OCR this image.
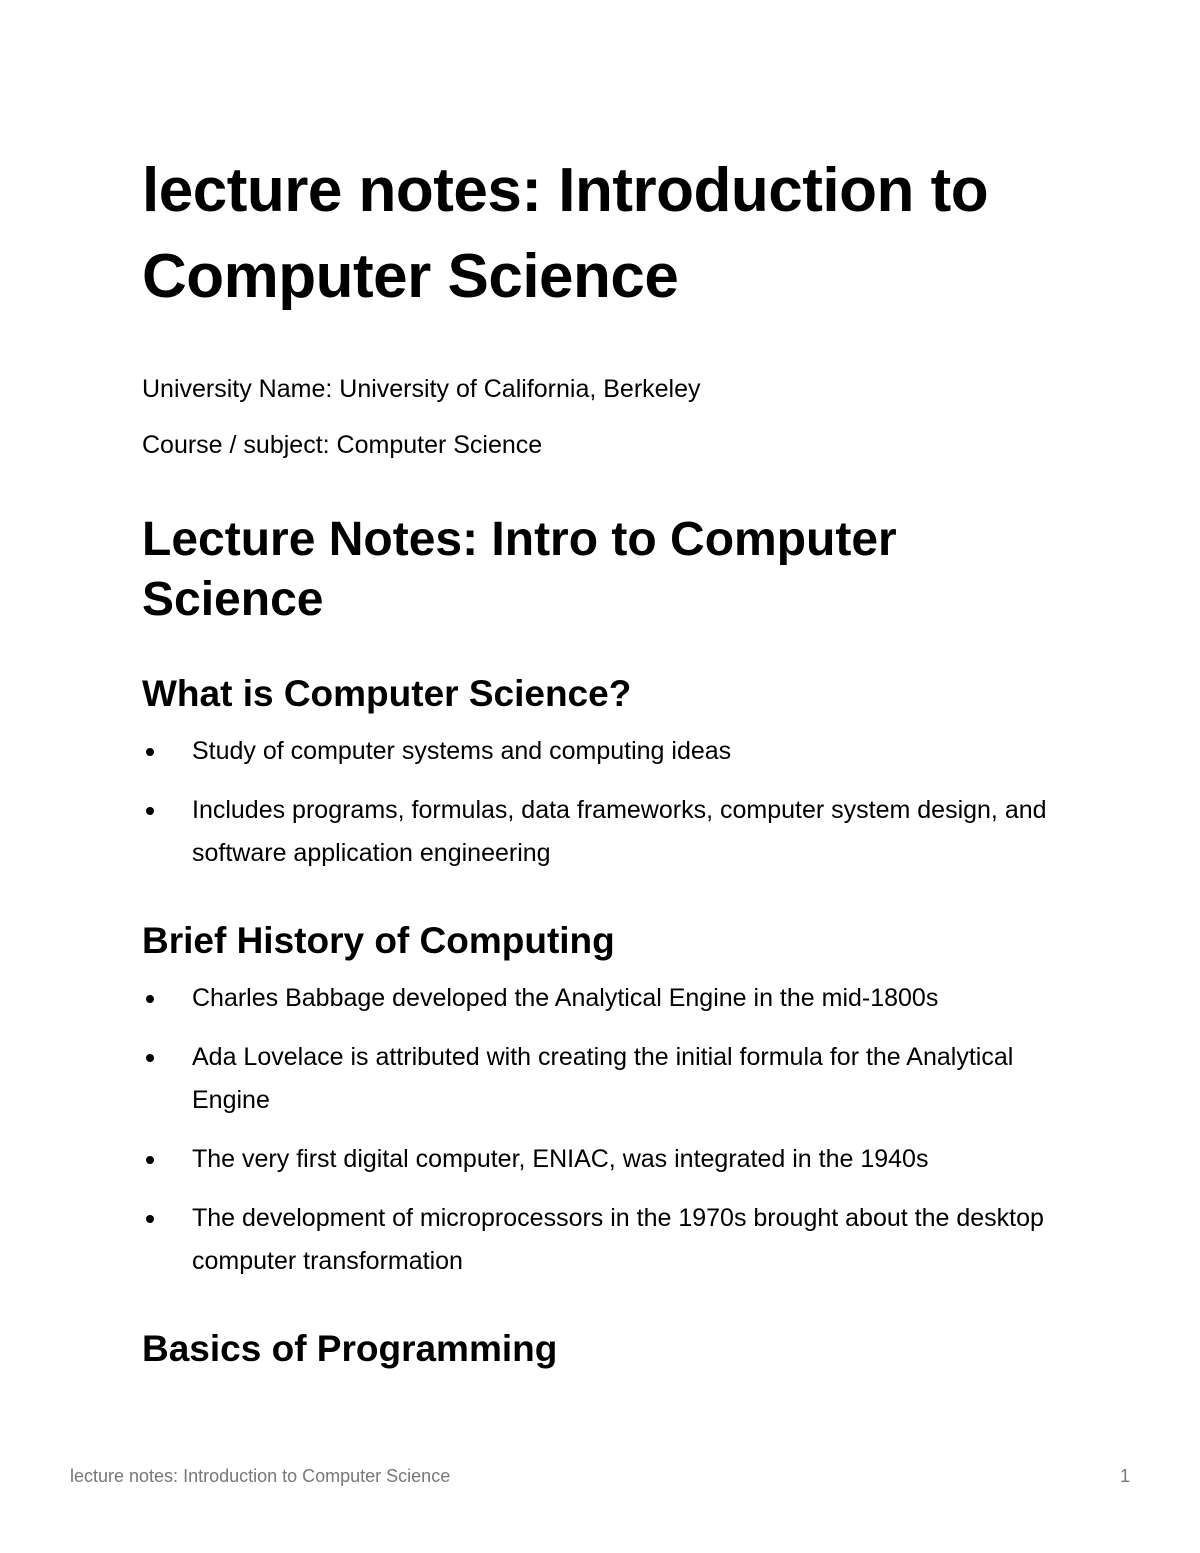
lecture notes: Introduction to Computer Science

University Name: University of California, Berkeley

Course / subject: Computer Science

Lecture Notes: Intro to Computer Science
What is Computer Science?
Study of computer systems and computing ideas
Includes programs, formulas, data frameworks, computer system design, and software application engineering
Brief History of Computing
Charles Babbage developed the Analytical Engine in the mid-1800s
Ada Lovelace is attributed with creating the initial formula for the Analytical Engine
The very first digital computer, ENIAC, was integrated in the 1940s
The development of microprocessors in the 1970s brought about the desktop computer transformation
Basics of Programming
lecture notes: Introduction to Computer Science	1
